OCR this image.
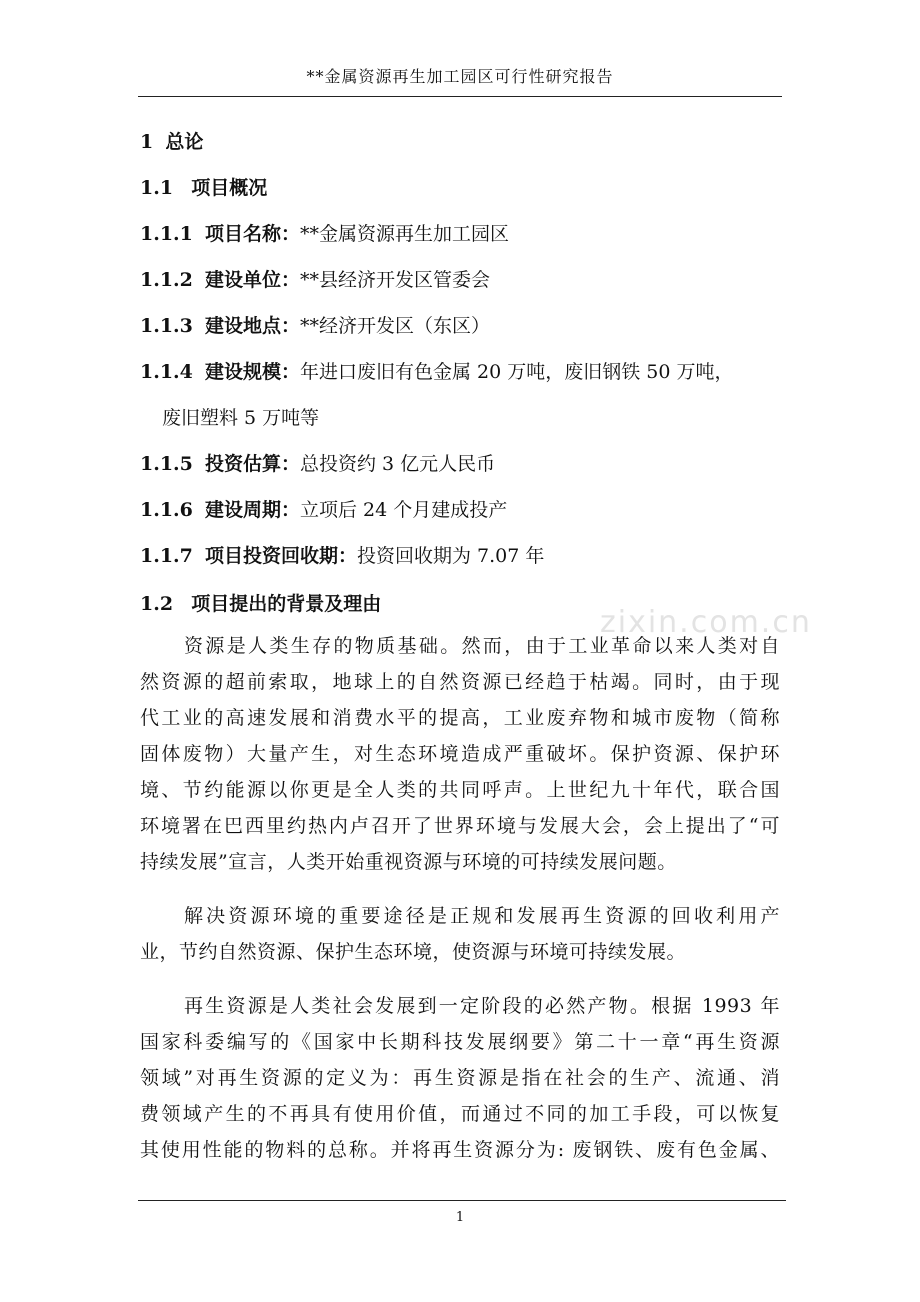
**金属资源再生加工园区可行性研究报告
1 总论
1.1 项目概况
1.1.1 项目名称：**金属资源再生加工园区
1.1.2 建设单位：**县经济开发区管委会
1.1.3 建设地点：**经济开发区（东区）
1.1.4 建设规模：年进口废旧有色金属 20 万吨，废旧钢铁 50 万吨，
废旧塑料 5 万吨等
1.1.5 投资估算：总投资约 3 亿元人民币
1.1.6 建设周期：立项后 24 个月建成投产
1.1.7 项目投资回收期：投资回收期为 7.07 年
1.2 项目提出的背景及理由
zixin.com.cn
资源是人类生存的物质基础。然而，由于工业革命以来人类对自
然资源的超前索取，地球上的自然资源已经趋于枯竭。同时，由于现
代工业的高速发展和消费水平的提高，工业废弃物和城市废物（简称
固体废物）大量产生，对生态环境造成严重破坏。保护资源、保护环
境、节约能源以你更是全人类的共同呼声。上世纪九十年代，联合国
环境署在巴西里约热内卢召开了世界环境与发展大会，会上提出了“可
持续发展”宣言，人类开始重视资源与环境的可持续发展问题。
解决资源环境的重要途径是正规和发展再生资源的回收利用产
业，节约自然资源、保护生态环境，使资源与环境可持续发展。
再生资源是人类社会发展到一定阶段的必然产物。根据 1993 年
国家科委编写的《国家中长期科技发展纲要》第二十一章“再生资源
领域”对再生资源的定义为：再生资源是指在社会的生产、流通、消
费领域产生的不再具有使用价值，而通过不同的加工手段，可以恢复
其使用性能的物料的总称。并将再生资源分为: 废钢铁、废有色金属、
1
